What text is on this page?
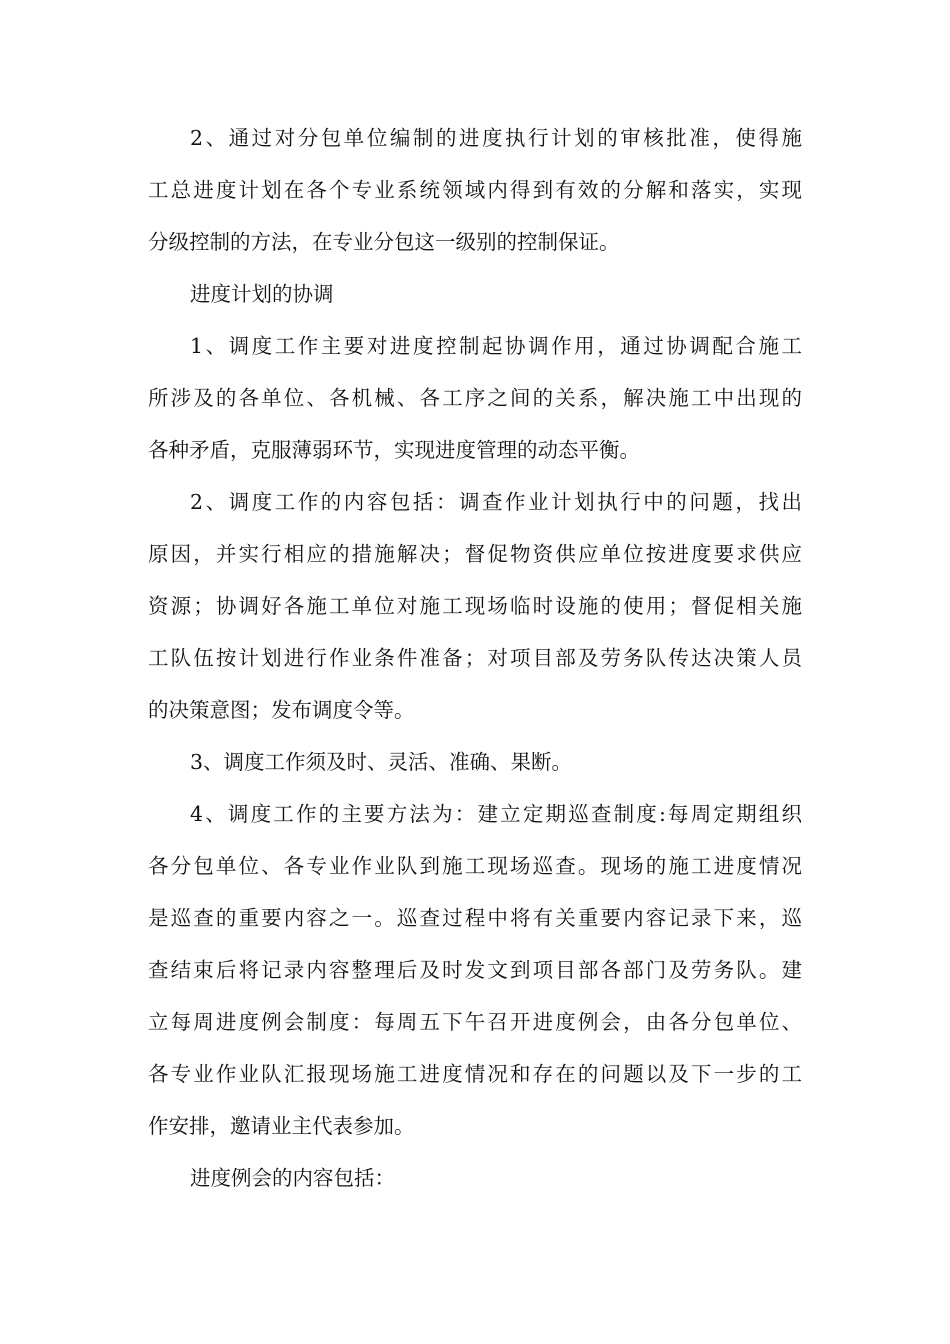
2、通过对分包单位编制的进度执行计划的审核批准，使得施
工总进度计划在各个专业系统领域内得到有效的分解和落实，实现
分级控制的方法，在专业分包这一级别的控制保证。
进度计划的协调
1、调度工作主要对进度控制起协调作用，通过协调配合施工
所涉及的各单位、各机械、各工序之间的关系，解决施工中出现的
各种矛盾，克服薄弱环节，实现进度管理的动态平衡。
2、调度工作的内容包括：调查作业计划执行中的问题，找出
原因，并实行相应的措施解决；督促物资供应单位按进度要求供应
资源；协调好各施工单位对施工现场临时设施的使用；督促相关施
工队伍按计划进行作业条件准备；对项目部及劳务队传达决策人员
的决策意图；发布调度令等。
3、调度工作须及时、灵活、准确、果断。
4、调度工作的主要方法为：建立定期巡查制度:每周定期组织
各分包单位、各专业作业队到施工现场巡查。现场的施工进度情况
是巡查的重要内容之一。巡查过程中将有关重要内容记录下来，巡
查结束后将记录内容整理后及时发文到项目部各部门及劳务队。建
立每周进度例会制度：每周五下午召开进度例会，由各分包单位、
各专业作业队汇报现场施工进度情况和存在的问题以及下一步的工
作安排，邀请业主代表参加。
进度例会的内容包括：
